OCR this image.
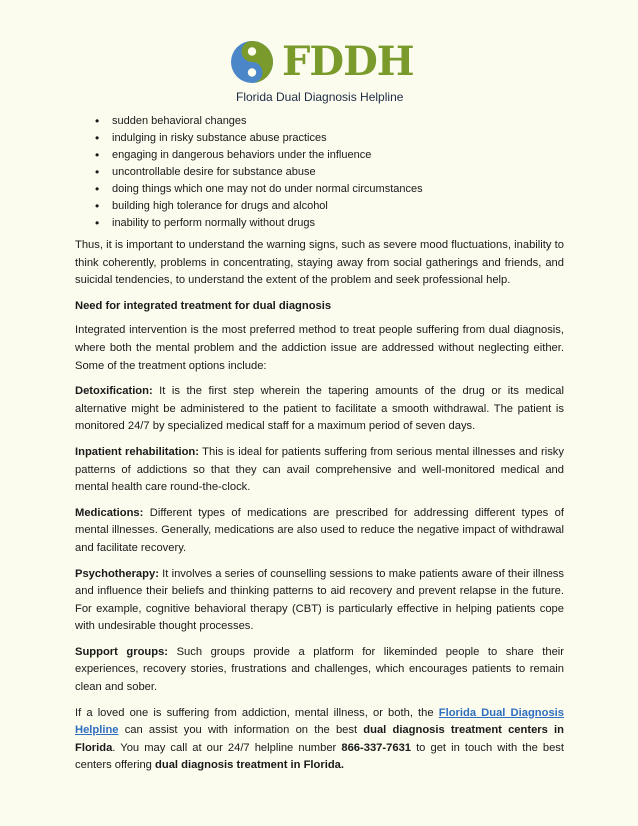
FDDH
Florida Dual Diagnosis Helpline
• sudden behavioral changes
• indulging in risky substance abuse practices
• engaging in dangerous behaviors under the influence
• uncontrollable desire for substance abuse
• doing things which one may not do under normal circumstances
• building high tolerance for drugs and alcohol
• inability to perform normally without drugs

Thus, it is important to understand the warning signs, such as severe mood fluctuations, inability to think coherently, problems in concentrating, staying away from social gatherings and friends, and suicidal tendencies, to understand the extent of the problem and seek professional help.

Need for integrated treatment for dual diagnosis

Integrated intervention is the most preferred method to treat people suffering from dual diagnosis, where both the mental problem and the addiction issue are addressed without neglecting either. Some of the treatment options include:

Detoxification: It is the first step wherein the tapering amounts of the drug or its medical alternative might be administered to the patient to facilitate a smooth withdrawal. The patient is monitored 24/7 by specialized medical staff for a maximum period of seven days.

Inpatient rehabilitation: This is ideal for patients suffering from serious mental illnesses and risky patterns of addictions so that they can avail comprehensive and well-monitored medical and mental health care round-the-clock.

Medications: Different types of medications are prescribed for addressing different types of mental illnesses. Generally, medications are also used to reduce the negative impact of withdrawal and facilitate recovery.

Psychotherapy: It involves a series of counselling sessions to make patients aware of their illness and influence their beliefs and thinking patterns to aid recovery and prevent relapse in the future. For example, cognitive behavioral therapy (CBT) is particularly effective in helping patients cope with undesirable thought processes.

Support groups: Such groups provide a platform for likeminded people to share their experiences, recovery stories, frustrations and challenges, which encourages patients to remain clean and sober.

If a loved one is suffering from addiction, mental illness, or both, the Florida Dual Diagnosis Helpline can assist you with information on the best dual diagnosis treatment centers in Florida. You may call at our 24/7 helpline number 866-337-7631 to get in touch with the best centers offering dual diagnosis treatment in Florida.
